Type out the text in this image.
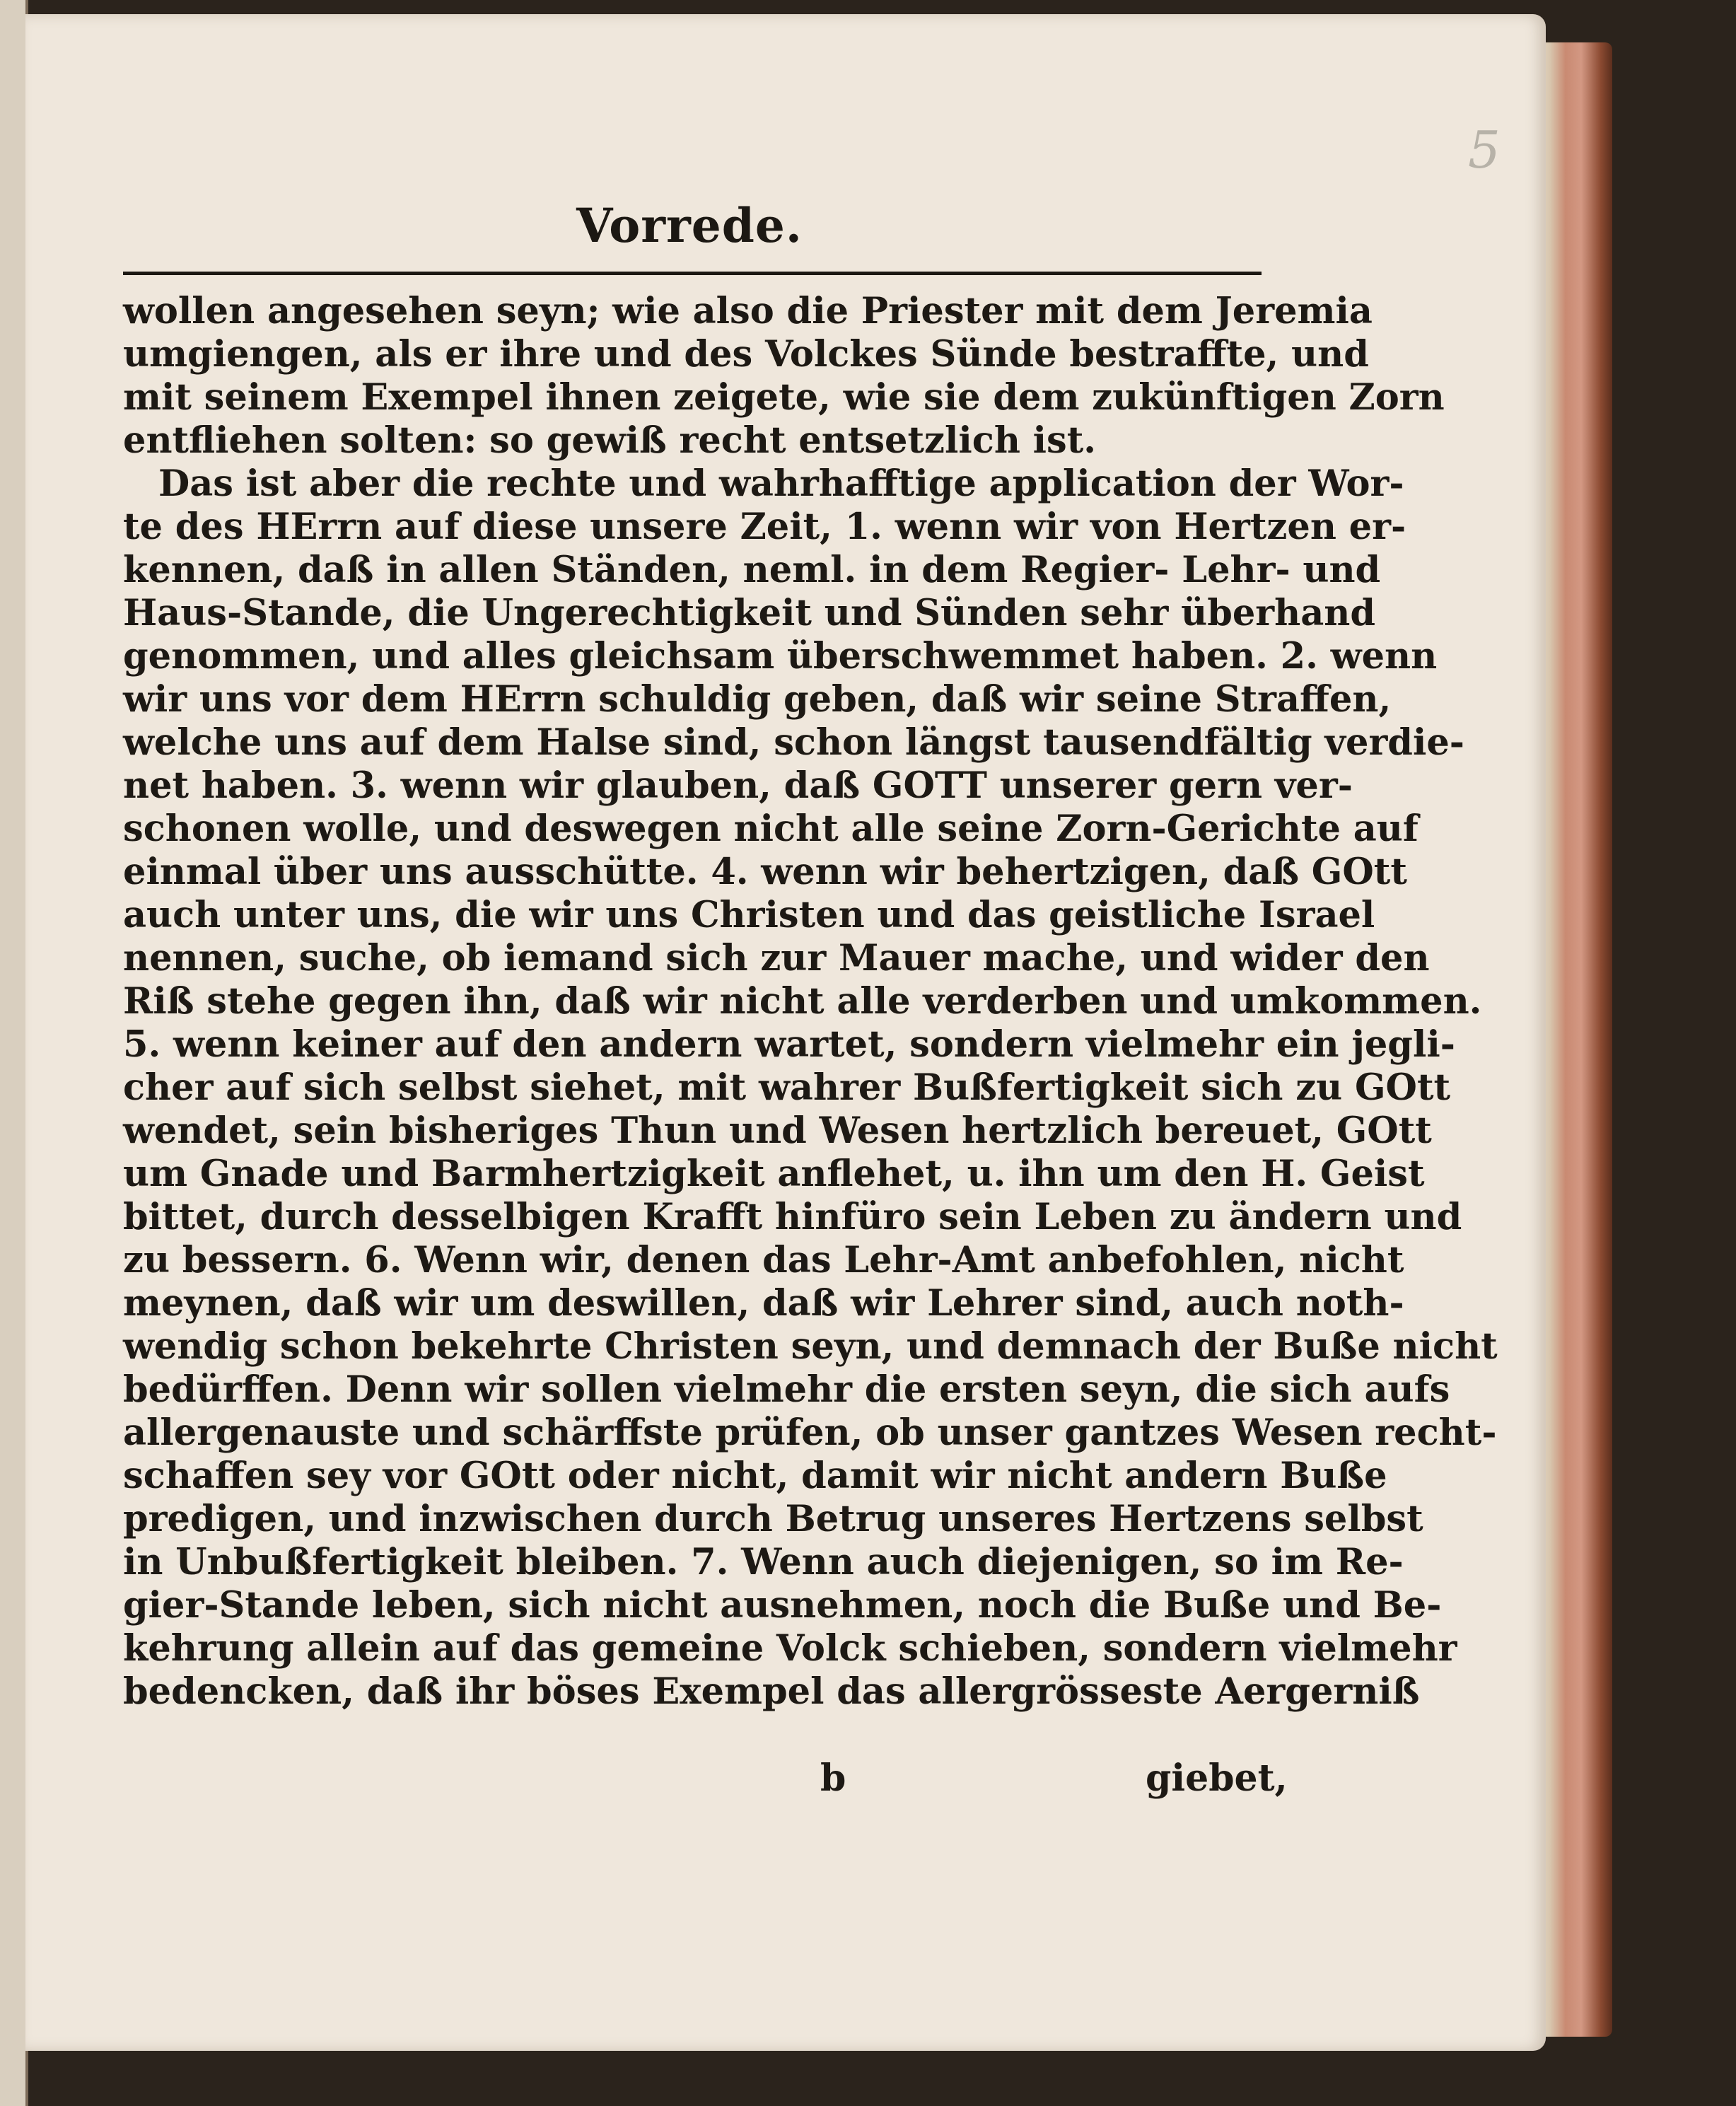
5
Vorrede.
wollen angesehen seyn; wie also die Priester mit dem Jeremia
umgiengen, als er ihre und des Volckes Sünde bestraffte, und
mit seinem Exempel ihnen zeigete, wie sie dem zukünftigen Zorn
entfliehen solten: so gewiß recht entsetzlich ist.
Das ist aber die rechte und wahrhafftige application der Wor-
te des HErrn auf diese unsere Zeit, 1. wenn wir von Hertzen er-
kennen, daß in allen Ständen, neml. in dem Regier- Lehr- und
Haus-Stande, die Ungerechtigkeit und Sünden sehr überhand
genommen, und alles gleichsam überschwemmet haben. 2. wenn
wir uns vor dem HErrn schuldig geben, daß wir seine Straffen,
welche uns auf dem Halse sind, schon längst tausendfältig verdie-
net haben. 3. wenn wir glauben, daß GOTT unserer gern ver-
schonen wolle, und deswegen nicht alle seine Zorn-Gerichte auf
einmal über uns ausschütte. 4. wenn wir behertzigen, daß GOtt
auch unter uns, die wir uns Christen und das geistliche Israel
nennen, suche, ob iemand sich zur Mauer mache, und wider den
Riß stehe gegen ihn, daß wir nicht alle verderben und umkommen.
5. wenn keiner auf den andern wartet, sondern vielmehr ein jegli-
cher auf sich selbst siehet, mit wahrer Bußfertigkeit sich zu GOtt
wendet, sein bisheriges Thun und Wesen hertzlich bereuet, GOtt
um Gnade und Barmhertzigkeit anflehet, u. ihn um den H. Geist
bittet, durch desselbigen Krafft hinfüro sein Leben zu ändern und
zu bessern. 6. Wenn wir, denen das Lehr-Amt anbefohlen, nicht
meynen, daß wir um deswillen, daß wir Lehrer sind, auch noth-
wendig schon bekehrte Christen seyn, und demnach der Buße nicht
bedürffen. Denn wir sollen vielmehr die ersten seyn, die sich aufs
allergenauste und schärffste prüfen, ob unser gantzes Wesen recht-
schaffen sey vor GOtt oder nicht, damit wir nicht andern Buße
predigen, und inzwischen durch Betrug unseres Hertzens selbst
in Unbußfertigkeit bleiben. 7. Wenn auch diejenigen, so im Re-
gier-Stande leben, sich nicht ausnehmen, noch die Buße und Be-
kehrung allein auf das gemeine Volck schieben, sondern vielmehr
bedencken, daß ihr böses Exempel das allergrösseste Aergerniß
b	giebet,
